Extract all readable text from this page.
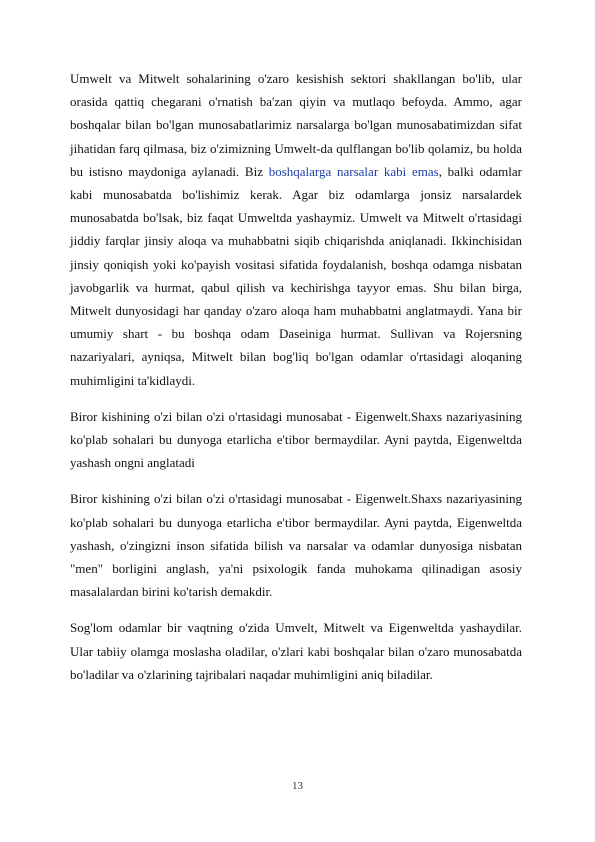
Umwelt va Mitwelt sohalarining o'zaro kesishish sektori shakllangan bo'lib, ular orasida qattiq chegarani o'rnatish ba'zan qiyin va mutlaqo befoyda. Ammo, agar boshqalar bilan bo'lgan munosabatlarimiz narsalarga bo'lgan munosabatimizdan sifat jihatidan farq qilmasa, biz o'zimizning Umwelt-da qulflangan bo'lib qolamiz, bu holda bu istisno maydoniga aylanadi. Biz boshqalarga narsalar kabi emas, balki odamlar kabi munosabatda bo'lishimiz kerak. Agar biz odamlarga jonsiz narsalardek munosabatda bo'lsak, biz faqat Umweltda yashaymiz. Umwelt va Mitwelt o'rtasidagi jiddiy farqlar jinsiy aloqa va muhabbatni siqib chiqarishda aniqlanadi. Ikkinchisidan jinsiy qoniqish yoki ko'payish vositasi sifatida foydalanish, boshqa odamga nisbatan javobgarlik va hurmat, qabul qilish va kechirishga tayyor emas. Shu bilan birga, Mitwelt dunyosidagi har qanday o'zaro aloqa ham muhabbatni anglatmaydi. Yana bir umumiy shart - bu boshqa odam Daseiniga hurmat. Sullivan va Rojersning nazariyalari, ayniqsa, Mitwelt bilan bog'liq bo'lgan odamlar o'rtasidagi aloqaning muhimligini ta'kidlaydi.

Biror kishining o'zi bilan o'zi o'rtasidagi munosabat - Eigenwelt.Shaxs nazariyasining ko'plab sohalari bu dunyoga etarlicha e'tibor bermaydilar. Ayni paytda, Eigenweltda yashash ongni anglatadi

Biror kishining o'zi bilan o'zi o'rtasidagi munosabat - Eigenwelt.Shaxs nazariyasining ko'plab sohalari bu dunyoga etarlicha e'tibor bermaydilar. Ayni paytda, Eigenweltda yashash, o'zingizni inson sifatida bilish va narsalar va odamlar dunyosiga nisbatan "men" borligini anglash, ya'ni psixologik fanda muhokama qilinadigan asosiy masalalardan birini ko'tarish demakdir.

Sog'lom odamlar bir vaqtning o'zida Umvelt, Mitwelt va Eigenweltda yashaydilar. Ular tabiiy olamga moslasha oladilar, o'zlari kabi boshqalar bilan o'zaro munosabatda bo'ladilar va o'zlarining tajribalari naqadar muhimligini aniq biladilar.

13
